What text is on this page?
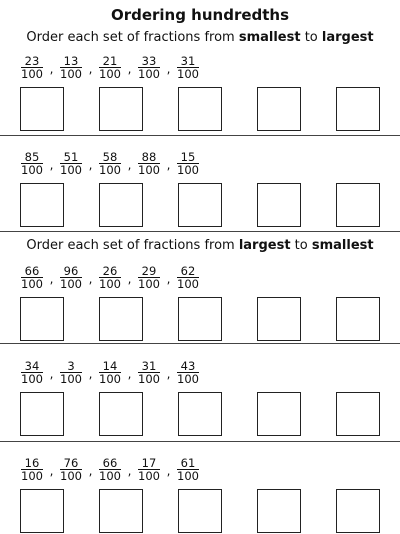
Ordering hundredths
Order each set of fractions from smallest to largest
Order each set of fractions from largest to smallest
$\frac{23}{100}$ , $\frac{13}{100}$ , $\frac{21}{100}$ , $\frac{33}{100}$ , $\frac{31}{100}$
$\frac{85}{100}$ , $\frac{51}{100}$ , $\frac{58}{100}$ , $\frac{88}{100}$ , $\frac{15}{100}$
$\frac{66}{100}$ , $\frac{96}{100}$ , $\frac{26}{100}$ , $\frac{29}{100}$ , $\frac{62}{100}$
$\frac{34}{100}$ , $\frac{3}{100}$ , $\frac{14}{100}$ , $\frac{31}{100}$ , $\frac{43}{100}$
$\frac{16}{100}$ , $\frac{76}{100}$ , $\frac{66}{100}$ , $\frac{17}{100}$ , $\frac{61}{100}$
